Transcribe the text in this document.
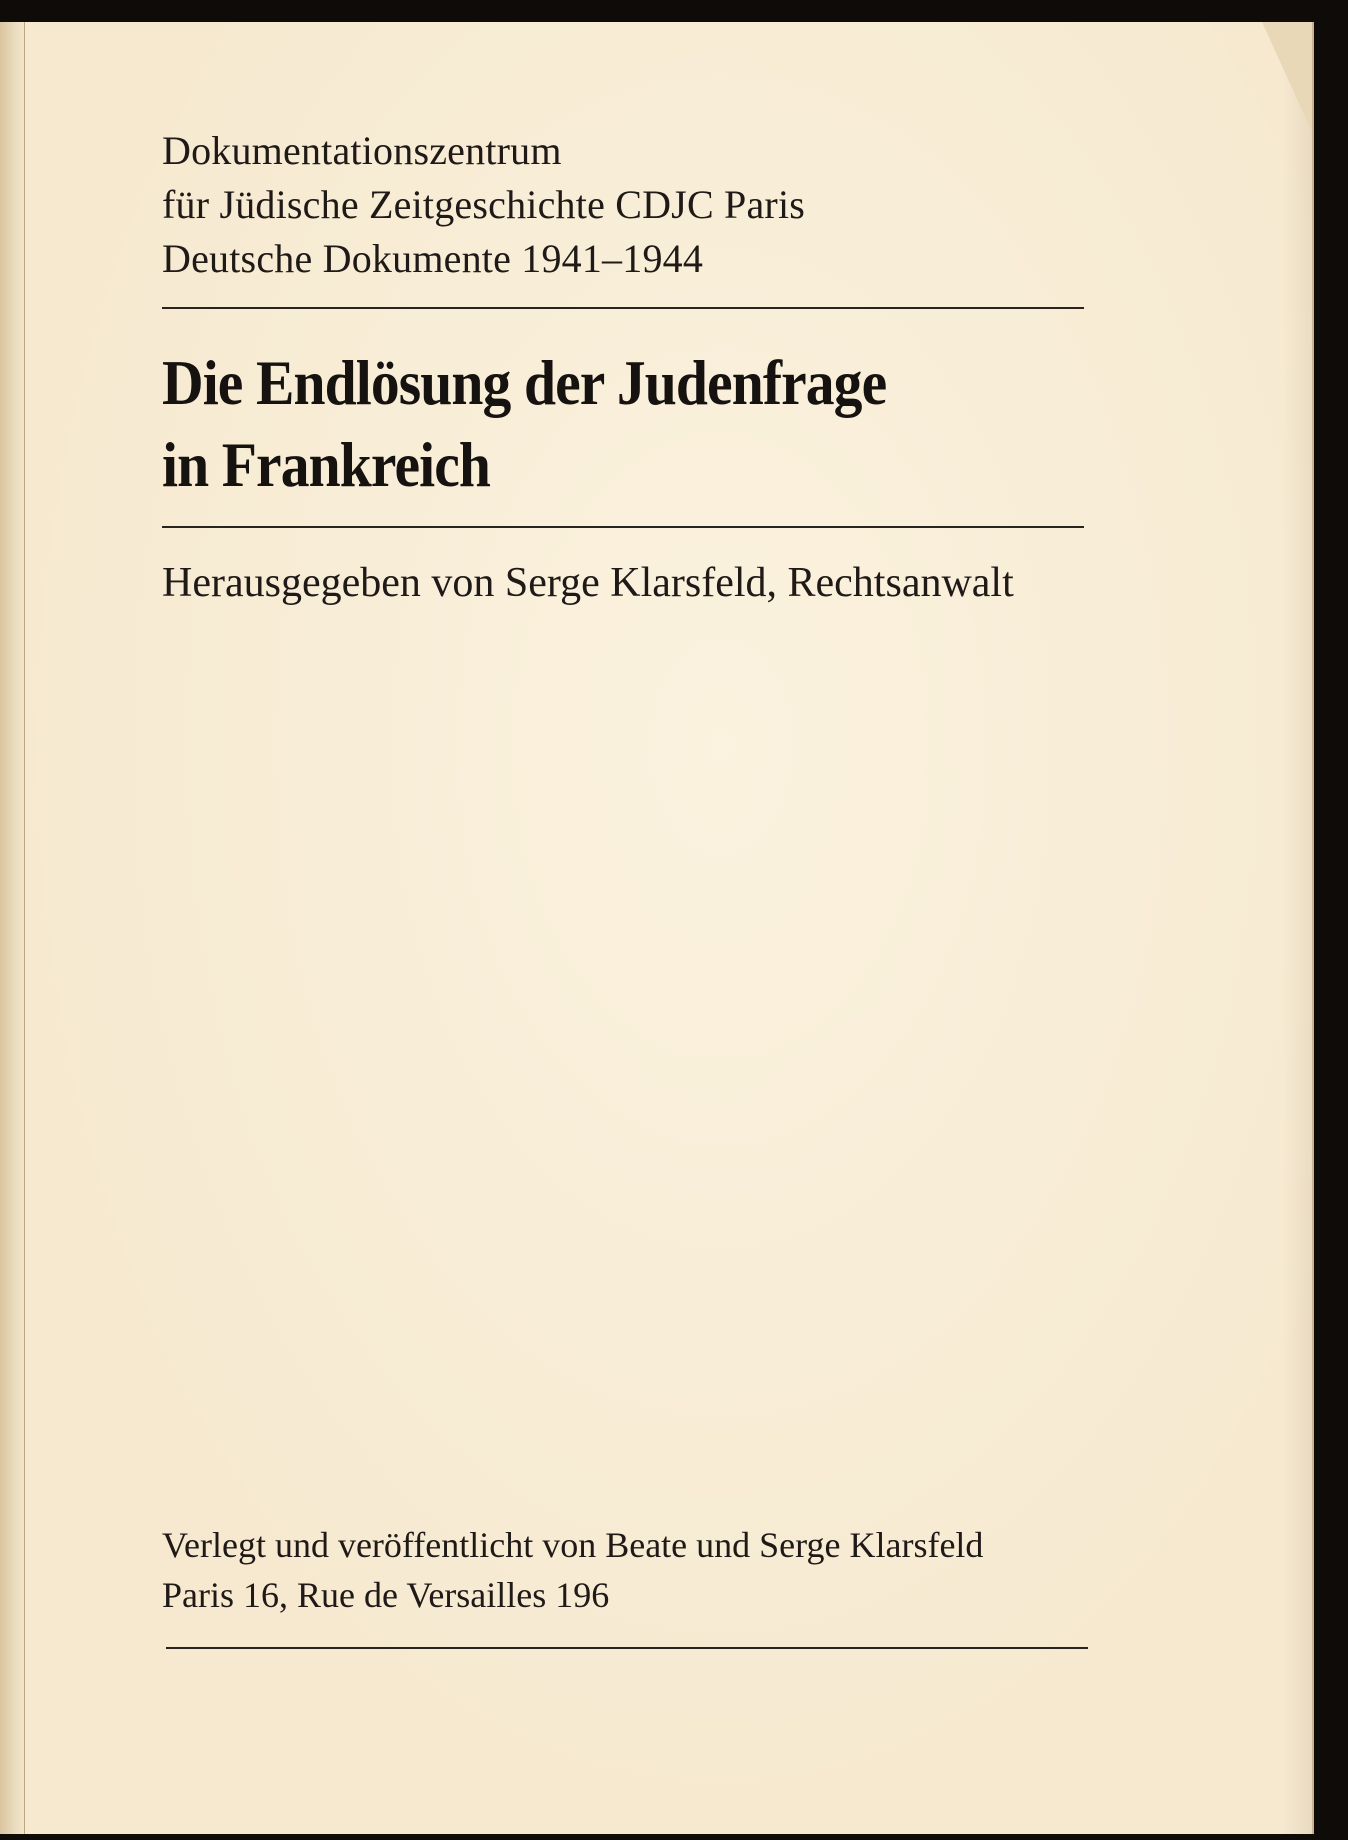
Dokumentationszentrum
für Jüdische Zeitgeschichte CDJC Paris
Deutsche Dokumente 1941–1944
Die Endlösung der Judenfrage
in Frankreich
Herausgegeben von Serge Klarsfeld, Rechtsanwalt
Verlegt und veröffentlicht von Beate und Serge Klarsfeld
Paris 16, Rue de Versailles 196
